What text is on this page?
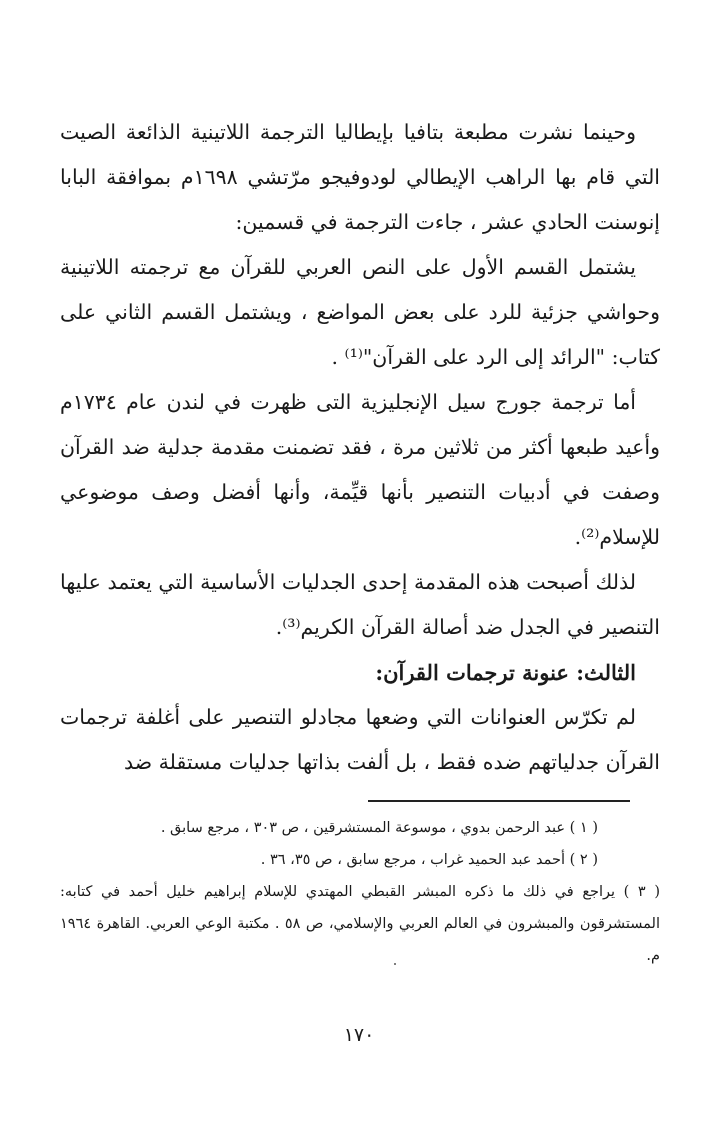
وحينما نشرت مطبعة بتافيا بإيطاليا الترجمة اللاتينية الذائعة الصيت التي قام بها الراهب الإيطالي لودوفيجو مرّتشي ١٦٩٨م بموافقة البابا إنوسنت الحادي عشر ، جاءت الترجمة في قسمين:

يشتمل القسم الأول على النص العربي للقرآن مع ترجمته اللاتينية وحواشي جزئية للرد على بعض المواضع ، ويشتمل القسم الثاني على كتاب: "الرائد إلى الرد على القرآن"⁽¹⁾ .

أما ترجمة جورج سيل الإنجليزية التى ظهرت في لندن عام ١٧٣٤م وأعيد طبعها أكثر من ثلاثين مرة ، فقد تضمنت مقدمة جدلية ضد القرآن وصفت في أدبيات التنصير بأنها قيِّمة، وأنها أفضل وصف موضوعي للإسلام⁽²⁾.

لذلك أصبحت هذه المقدمة إحدى الجدليات الأساسية التي يعتمد عليها التنصير في الجدل ضد أصالة القرآن الكريم⁽³⁾.

الثالث: عنونة ترجمات القرآن:

لم تكرّس العنوانات التي وضعها مجادلو التنصير على أغلفة ترجمات القرآن جدلياتهم ضده فقط ، بل ألفت بذاتها جدليات مستقلة ضد

( ١ ) عبد الرحمن بدوي ، موسوعة المستشرقين ، ص ٣٠٣ ، مرجع سابق .

( ٢ ) أحمد عبد الحميد غراب ، مرجع سابق ، ص ٣٥، ٣٦ .

( ٣ ) يراجع في ذلك ما ذكره المبشر القبطي المهتدي للإسلام إبراهيم خليل أحمد في كتابه: المستشرقون والمبشرون في العالم العربي والإسلامي، ص ٥٨ . مكتبة الوعي العربي. القاهرة ١٩٦٤ م.

١٧٠
